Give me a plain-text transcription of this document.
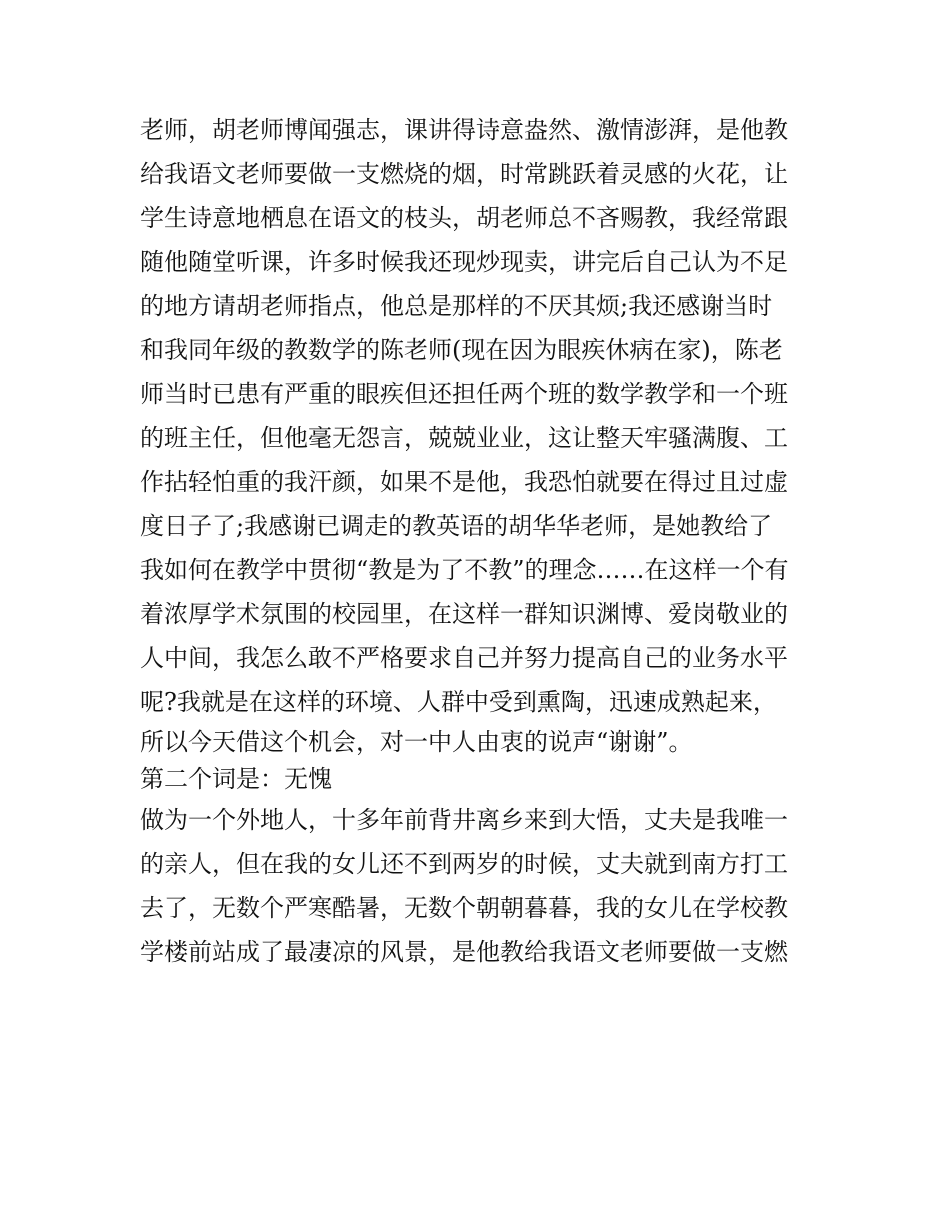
老师，胡老师博闻强志，课讲得诗意盎然、激情澎湃，是他教
给我语文老师要做一支燃烧的烟，时常跳跃着灵感的火花，让
学生诗意地栖息在语文的枝头，胡老师总不吝赐教，我经常跟
随他随堂听课，许多时候我还现炒现卖，讲完后自己认为不足
的地方请胡老师指点，他总是那样的不厌其烦;我还感谢当时
和我同年级的教数学的陈老师(现在因为眼疾休病在家)，陈老
师当时已患有严重的眼疾但还担任两个班的数学教学和一个班
的班主任，但他毫无怨言，兢兢业业，这让整天牢骚满腹、工
作拈轻怕重的我汗颜，如果不是他，我恐怕就要在得过且过虚
度日子了;我感谢已调走的教英语的胡华华老师，是她教给了
我如何在教学中贯彻“教是为了不教”的理念……在这样一个有
着浓厚学术氛围的校园里，在这样一群知识渊博、爱岗敬业的
人中间，我怎么敢不严格要求自己并努力提高自己的业务水平
呢?我就是在这样的环境、人群中受到熏陶，迅速成熟起来，
所以今天借这个机会，对一中人由衷的说声“谢谢”。
第二个词是：无愧
做为一个外地人，十多年前背井离乡来到大悟，丈夫是我唯一
的亲人，但在我的女儿还不到两岁的时候，丈夫就到南方打工
去了，无数个严寒酷暑，无数个朝朝暮暮，我的女儿在学校教
学楼前站成了最凄凉的风景，是他教给我语文老师要做一支燃
